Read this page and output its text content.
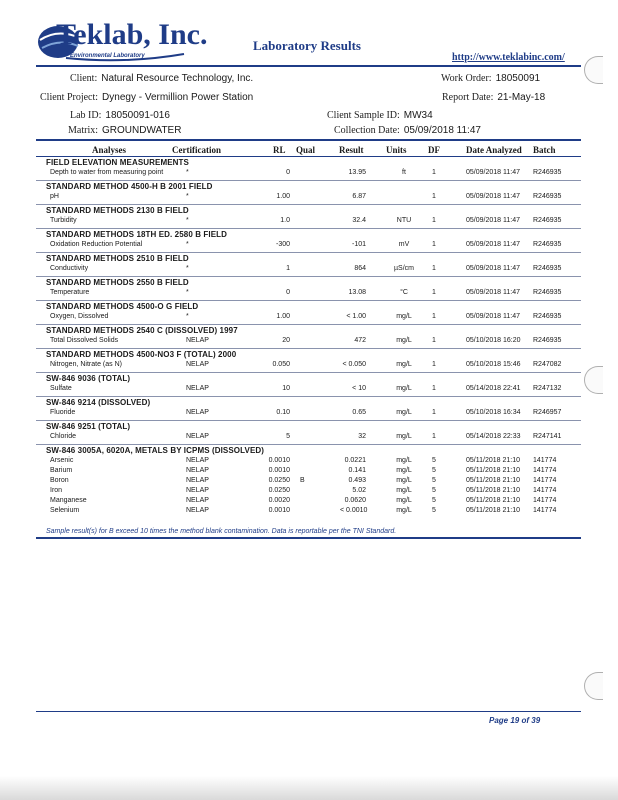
Teklab, Inc.
Environmental Laboratory
Laboratory Results
http://www.teklabinc.com/
Client: Natural Resource Technology, Inc.
Client Project: Dynegy - Vermillion Power Station
Lab ID: 18050091-016
Matrix: GROUNDWATER
Work Order: 18050091
Report Date: 21-May-18
Client Sample ID: MW34
Collection Date: 05/09/2018 11:47
Analyses	Certification	RL Qual	Result	Units DF	Date Analyzed Batch
FIELD ELEVATION MEASUREMENTS
Depth to water from measuring point	*	0	13.95	ft	1	05/09/2018 11:47 R246935
STANDARD METHOD 4500-H B 2001 FIELD
pH	*	1.00	6.87	1	05/09/2018 11:47 R246935
STANDARD METHODS 2130 B FIELD
Turbidity	*	1.0	32.4	NTU	1	05/09/2018 11:47 R246935
STANDARD METHODS 18TH ED. 2580 B FIELD
Oxidation Reduction Potential	*	-300	-101	mV	1	05/09/2018 11:47 R246935
STANDARD METHODS 2510 B FIELD
Conductivity	*	1	864	µS/cm	1	05/09/2018 11:47 R246935
STANDARD METHODS 2550 B FIELD
Temperature	*	0	13.08	°C	1	05/09/2018 11:47 R246935
STANDARD METHODS 4500-O G FIELD
Oxygen, Dissolved	*	1.00	< 1.00	mg/L	1	05/09/2018 11:47 R246935
STANDARD METHODS 2540 C (DISSOLVED) 1997
Total Dissolved Solids	NELAP	20	472	mg/L	1	05/10/2018 16:20 R246935
STANDARD METHODS 4500-NO3 F (TOTAL) 2000
Nitrogen, Nitrate (as N)	NELAP	0.050	< 0.050	mg/L	1	05/10/2018 15:46 R247082
SW-846 9036 (TOTAL)
Sulfate	NELAP	10	< 10	mg/L	1	05/14/2018 22:41 R247132
SW-846 9214 (DISSOLVED)
Fluoride	NELAP	0.10	0.65	mg/L	1	05/10/2018 16:34 R246957
SW-846 9251 (TOTAL)
Chloride	NELAP	5	32	mg/L	1	05/14/2018 22:33 R247141
SW-846 3005A, 6020A, METALS BY ICPMS (DISSOLVED)
Arsenic	NELAP	0.0010	0.0221	mg/L	5	05/11/2018 21:10 141774
Barium	NELAP	0.0010	0.141	mg/L	5	05/11/2018 21:10 141774
Boron	NELAP	0.0250 B	0.493	mg/L	5	05/11/2018 21:10 141774
Iron	NELAP	0.0250	5.02	mg/L	5	05/11/2018 21:10 141774
Manganese	NELAP	0.0020	0.0620	mg/L	5	05/11/2018 21:10 141774
Selenium	NELAP	0.0010	< 0.0010	mg/L	5	05/11/2018 21:10 141774
Sample result(s) for B exceed 10 times the method blank contamination. Data is reportable per the TNI Standard.
Page 19 of 39
